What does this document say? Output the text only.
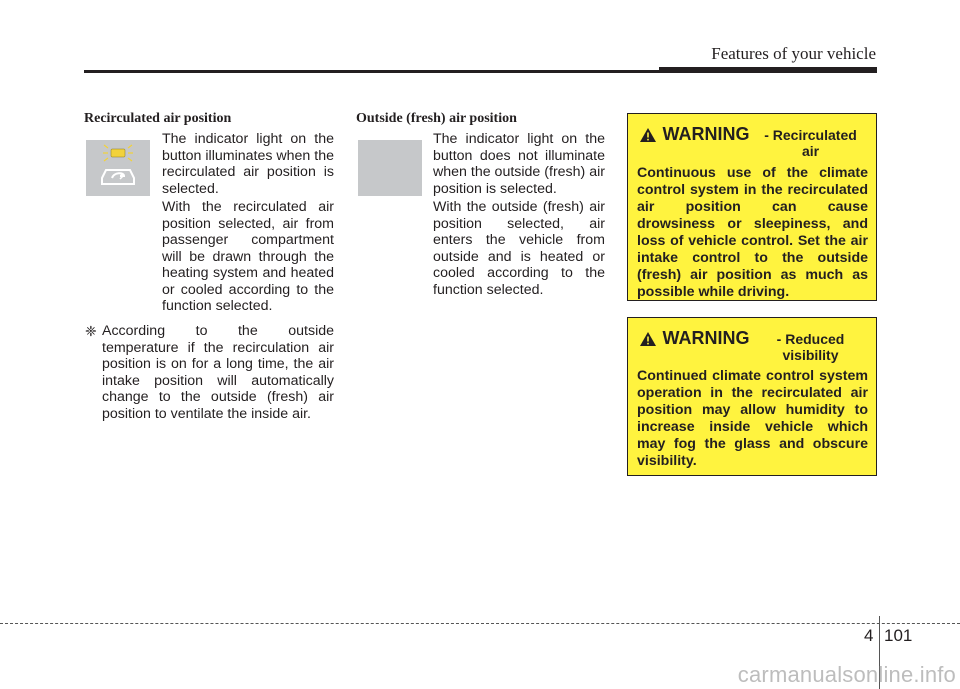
Features of your vehicle
Recirculated air position
The indicator light on the button illuminates when the recirculated air position is selected.
With the recirculated air position selected, air from passenger compartment will be drawn through the heating system and heated or cooled according to the function selected.
❈ According to the outside temperature if the recirculation air position is on for a long time, the air intake position will automatically change to the outside (fresh) air position to ventilate the inside air.
Outside (fresh) air position
The indicator light on the button does not illuminate when the outside (fresh) air position is selected.
With the outside (fresh) air position selected, air enters the vehicle from outside and is heated or cooled according to the function selected.
WARNING	- Recirculated air
Continuous use of the climate control system in the recirculated air position can cause drowsiness or sleepiness, and loss of vehicle control. Set the air intake control to the outside (fresh) air position as much as possible while driving.
WARNING	- Reduced visibility
Continued climate control system operation in the recirculated air position may allow humidity to increase inside vehicle which may fog the glass and obscure visibility.
4 101
carmanualsonline.info
